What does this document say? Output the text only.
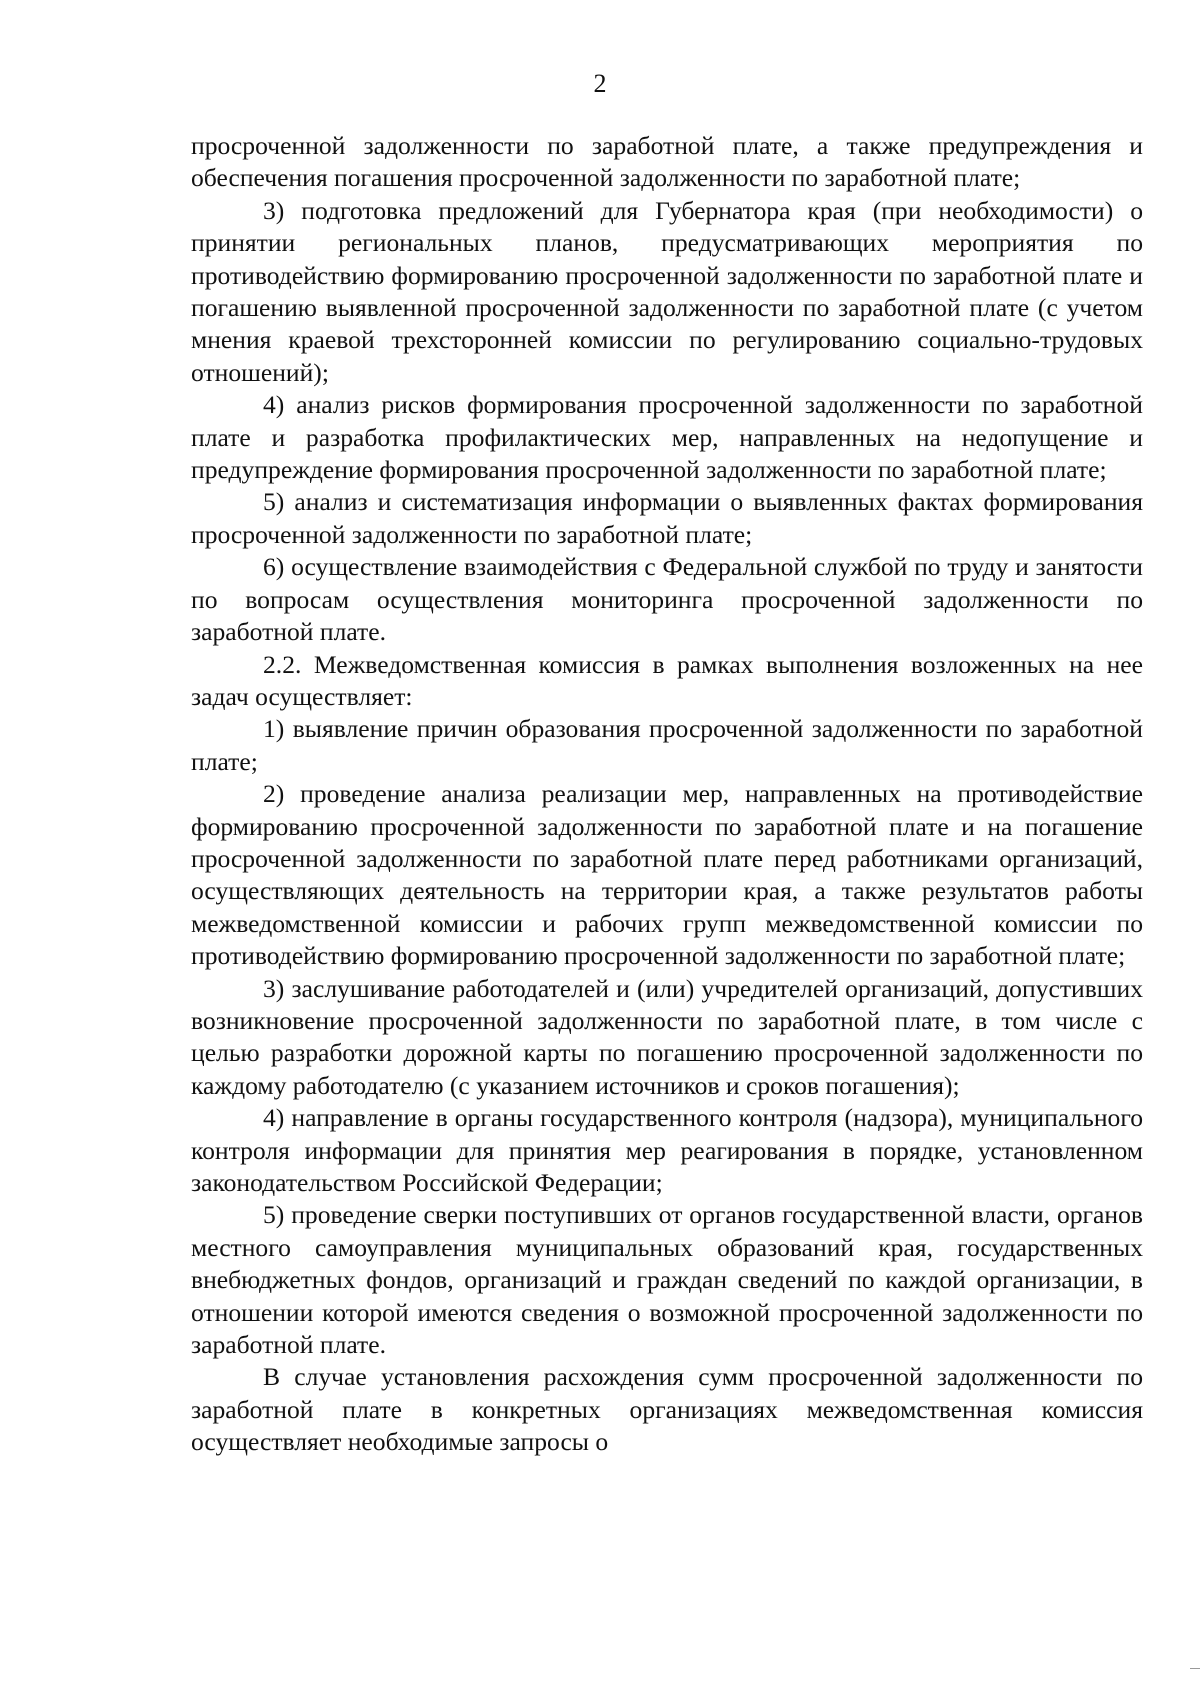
2

просроченной задолженности по заработной плате, а также предупреждения и обеспечения погашения просроченной задолженности по заработной плате;

3) подготовка предложений для Губернатора края (при необходимости) о принятии региональных планов, предусматривающих мероприятия по противодействию формированию просроченной задолженности по заработной плате и погашению выявленной просроченной задолженности по заработной плате (с учетом мнения краевой трехсторонней комиссии по регулированию социально-трудовых отношений);

4) анализ рисков формирования просроченной задолженности по заработной плате и разработка профилактических мер, направленных на недопущение и предупреждение формирования просроченной задолженности по заработной плате;

5) анализ и систематизация информации о выявленных фактах формирования просроченной задолженности по заработной плате;

6) осуществление взаимодействия с Федеральной службой по труду и занятости по вопросам осуществления мониторинга просроченной задолженности по заработной плате.

2.2. Межведомственная комиссия в рамках выполнения возложенных на нее задач осуществляет:

1) выявление причин образования просроченной задолженности по заработной плате;

2) проведение анализа реализации мер, направленных на противодействие формированию просроченной задолженности по заработной плате и на погашение просроченной задолженности по заработной плате перед работниками организаций, осуществляющих деятельность на территории края, а также результатов работы межведомственной комиссии и рабочих групп межведомственной комиссии по противодействию формированию просроченной задолженности по заработной плате;

3) заслушивание работодателей и (или) учредителей организаций, допустивших возникновение просроченной задолженности по заработной плате, в том числе с целью разработки дорожной карты по погашению просроченной задолженности по каждому работодателю (с указанием источников и сроков погашения);

4) направление в органы государственного контроля (надзора), муниципального контроля информации для принятия мер реагирования в порядке, установленном законодательством Российской Федерации;

5) проведение сверки поступивших от органов государственной власти, органов местного самоуправления муниципальных образований края, государственных внебюджетных фондов, организаций и граждан сведений по каждой организации, в отношении которой имеются сведения о возможной просроченной задолженности по заработной плате.

В случае установления расхождения сумм просроченной задолженности по заработной плате в конкретных организациях межведомственная комиссия осуществляет необходимые запросы о
